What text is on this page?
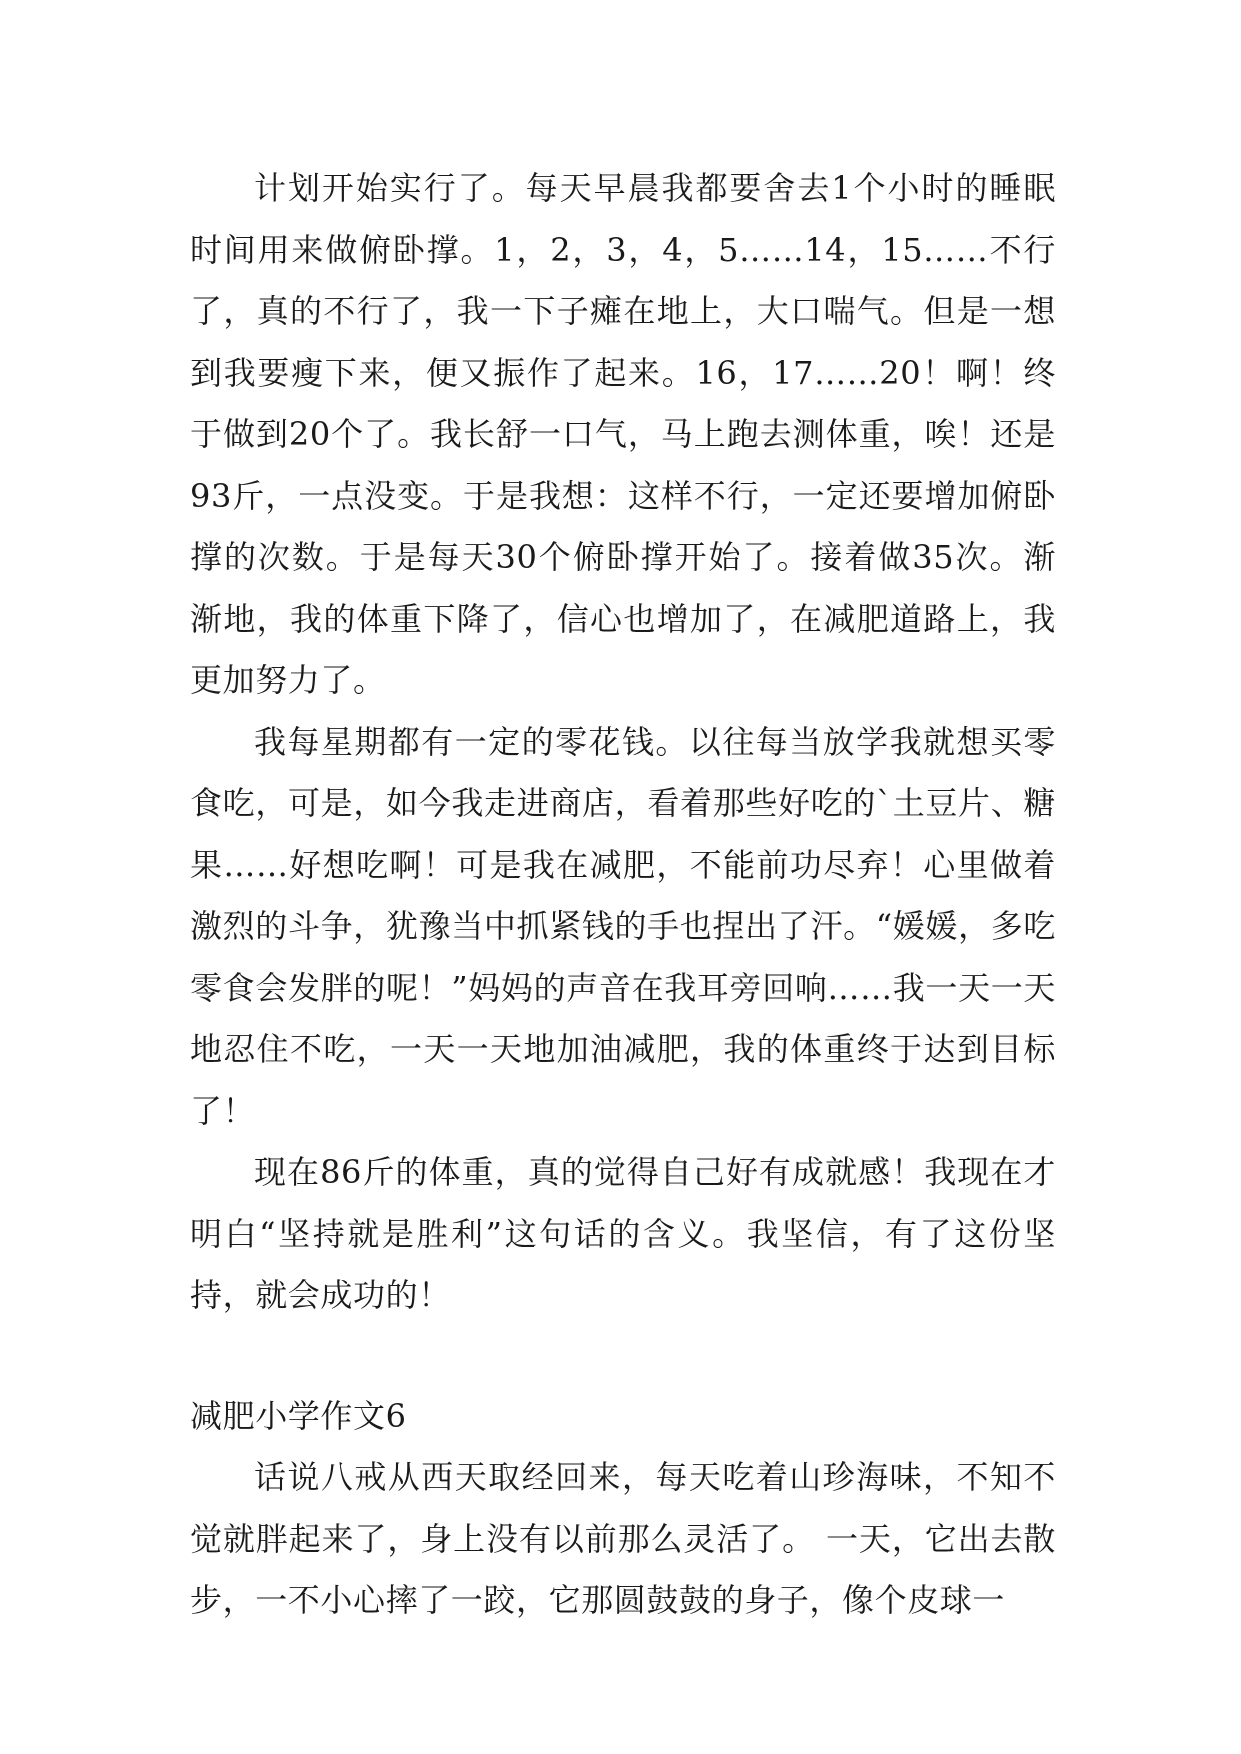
计划开始实行了。每天早晨我都要舍去1个小时的睡眠时间用来做俯卧撑。1，2，3，4，5……14，15……不行了，真的不行了，我一下子瘫在地上，大口喘气。但是一想到我要瘦下来，便又振作了起来。16，17……20！啊！终于做到20个了。我长舒一口气，马上跑去测体重，唉！还是93斤，一点没变。于是我想：这样不行，一定还要增加俯卧撑的次数。于是每天30个俯卧撑开始了。接着做35次。渐渐地，我的体重下降了，信心也增加了，在减肥道路上，我更加努力了。

我每星期都有一定的零花钱。以往每当放学我就想买零食吃，可是，如今我走进商店，看着那些好吃的`土豆片、糖果……好想吃啊！可是我在减肥，不能前功尽弃！心里做着激烈的斗争，犹豫当中抓紧钱的手也捏出了汗。“媛媛，多吃零食会发胖的呢！”妈妈的声音在我耳旁回响……我一天一天地忍住不吃，一天一天地加油减肥，我的体重终于达到目标了！

现在86斤的体重，真的觉得自己好有成就感！我现在才明白“坚持就是胜利”这句话的含义。我坚信，有了这份坚持，就会成功的！

减肥小学作文6

话说八戒从西天取经回来，每天吃着山珍海味，不知不觉就胖起来了，身上没有以前那么灵活了。 一天，它出去散步，一不小心摔了一跤，它那圆鼓鼓的身子，像个皮球一
